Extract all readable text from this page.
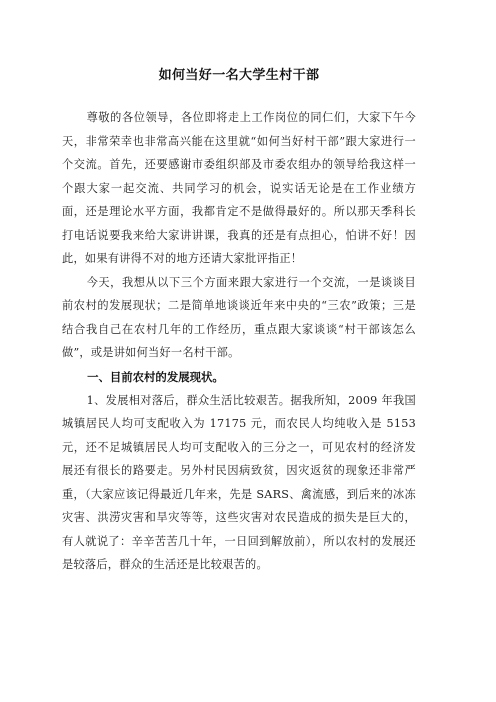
如何当好一名大学生村干部

尊敬的各位领导，各位即将走上工作岗位的同仁们，大家下午今天，非常荣幸也非常高兴能在这里就“如何当好村干部”跟大家进行一个交流。首先，还要感谢市委组织部及市委农组办的领导给我这样一个跟大家一起交流、共同学习的机会，说实话无论是在工作业绩方面，还是理论水平方面，我都肯定不是做得最好的。所以那天季科长打电话说要我来给大家讲讲课，我真的还是有点担心，怕讲不好！因此，如果有讲得不对的地方还请大家批评指正！

今天，我想从以下三个方面来跟大家进行一个交流，一是谈谈目前农村的发展现状；二是简单地谈谈近年来中央的“三农”政策；三是结合我自己在农村几年的工作经历，重点跟大家谈谈“村干部该怎么做”，或是讲如何当好一名村干部。

一、目前农村的发展现状。

1、发展相对落后，群众生活比较艰苦。据我所知，2009 年我国城镇居民人均可支配收入为 17175 元，而农民人均纯收入是 5153 元，还不足城镇居民人均可支配收入的三分之一，可见农村的经济发展还有很长的路要走。另外村民因病致贫，因灾返贫的现象还非常严重，（大家应该记得最近几年来，先是 SARS、禽流感，到后来的冰冻灾害、洪涝灾害和旱灾等等，这些灾害对农民造成的损失是巨大的，有人就说了：辛辛苦苦几十年，一日回到解放前），所以农村的发展还是较落后，群众的生活还是比较艰苦的。
